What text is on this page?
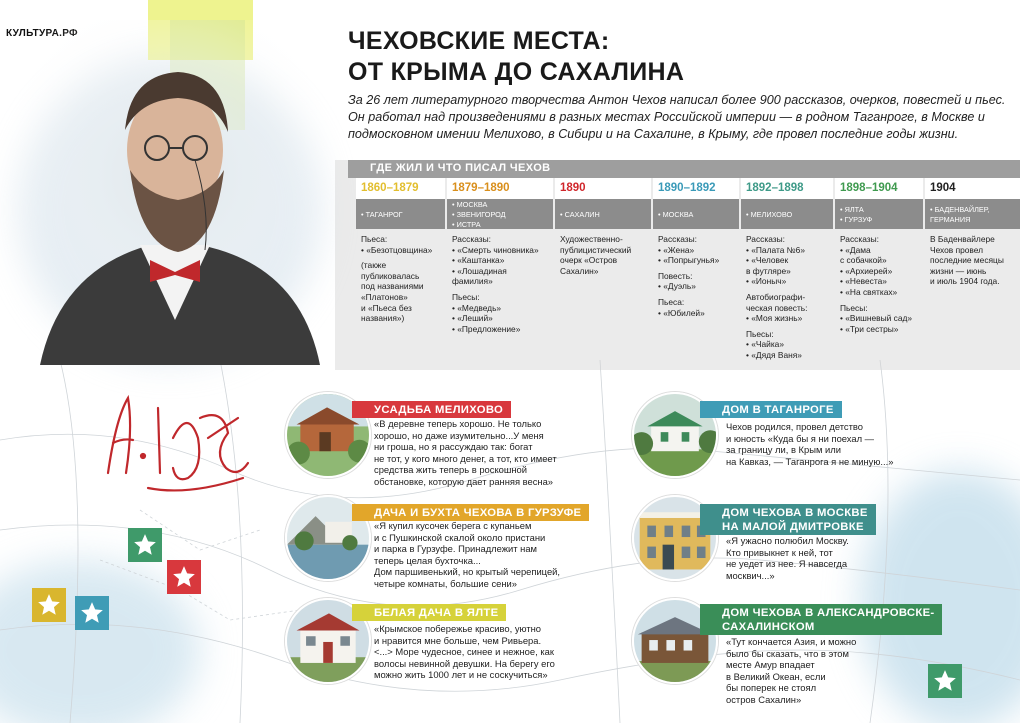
ЧЕХОВСКИЕ МЕСТА:
ОТ КРЫМА ДО САХАЛИНА
За 26 лет литературного творчества Антон Чехов написал более 900 рассказов, очерков, повестей и пьес. Он работал над произведениями в разных местах Российской империи — в родном Таганроге, в Москве и подмосковном имении Мелихово, в Сибири и на Сахалине, в Крыму, где провел последние годы жизни.
ГДЕ ЖИЛ И ЧТО ПИСАЛ ЧЕХОВ
1860–1879
• ТАГАНРОГ
Пьеса:
• «Безотцовщина»
(также
публиковалась
под названиями
«Платонов»
и «Пьеса без
названия»)
1879–1890
• МОСКВА
• ЗВЕНИГОРОД
• ИСТРА
Рассказы:
• «Смерть чиновника»
• «Каштанка»
• «Лошадиная
фамилия»
Пьесы:
• «Медведь»
• «Леший»
• «Предложение»
1890
• САХАЛИН
Художественно-
публицистический
очерк «Остров
Сахалин»
1890–1892
• МОСКВА
Рассказы:
• «Жена»
• «Попрыгунья»
Повесть:
• «Дуэль»
Пьеса:
• «Юбилей»
1892–1898
• МЕЛИХОВО
Рассказы:
• «Палата №6»
• «Человек
в футляре»
• «Ионыч»
Автобиографи-
ческая повесть:
• «Моя жизнь»
Пьесы:
• «Чайка»
• «Дядя Ваня»
1898–1904
• ЯЛТА
• ГУРЗУФ
Рассказы:
• «Дама
с собачкой»
• «Архиерей»
• «Невеста»
• «На святках»
Пьесы:
• «Вишневый сад»
• «Три сестры»
1904
• БАДЕНВАЙЛЕР,
ГЕРМАНИЯ
В Баденвайлере
Чехов провел
последние месяцы
жизни — июнь
и июль 1904 года.
УСАДЬБА МЕЛИХОВО
«В деревне теперь хорошо. Не только
хорошо, но даже изумительно...У меня
ни гроша, но я рассуждаю так: богат
не тот, у кого много денег, а тот, кто имеет
средства жить теперь в роскошной
обстановке, которую дает ранняя весна»
ДАЧА И БУХТА ЧЕХОВА В ГУРЗУФЕ
«Я купил кусочек берега с купаньем
и с Пушкинской скалой около пристани
и парка в Гурзуфе. Принадлежит нам
теперь целая бухточка...
Дом паршивенький, но крытый черепицей,
четыре комнаты, большие сени»
БЕЛАЯ ДАЧА В ЯЛТЕ
«Крымское побережье красиво, уютно
и нравится мне больше, чем Ривьера.
<...> Море чудесное, синее и нежное, как
волосы невинной девушки. На берегу его
можно жить 1000 лет и не соскучиться»
ДОМ В ТАГАНРОГЕ
Чехов родился, провел детство
и юность «Куда бы я ни поехал —
за границу ли, в Крым или
на Кавказ, — Таганрога я не миную...»
ДОМ ЧЕХОВА В МОСКВЕ
НА МАЛОЙ ДМИТРОВКЕ
«Я ужасно полюбил Москву.
Кто привыкнет к ней, тот
не уедет из нее. Я навсегда
москвич...»
ДОМ ЧЕХОВА В АЛЕКСАНДРОВСКЕ-
САХАЛИНСКОМ
«Тут кончается Азия, и можно
было бы сказать, что в этом
месте Амур впадает
в Великий Океан, если
бы поперек не стоял
остров Сахалин»
